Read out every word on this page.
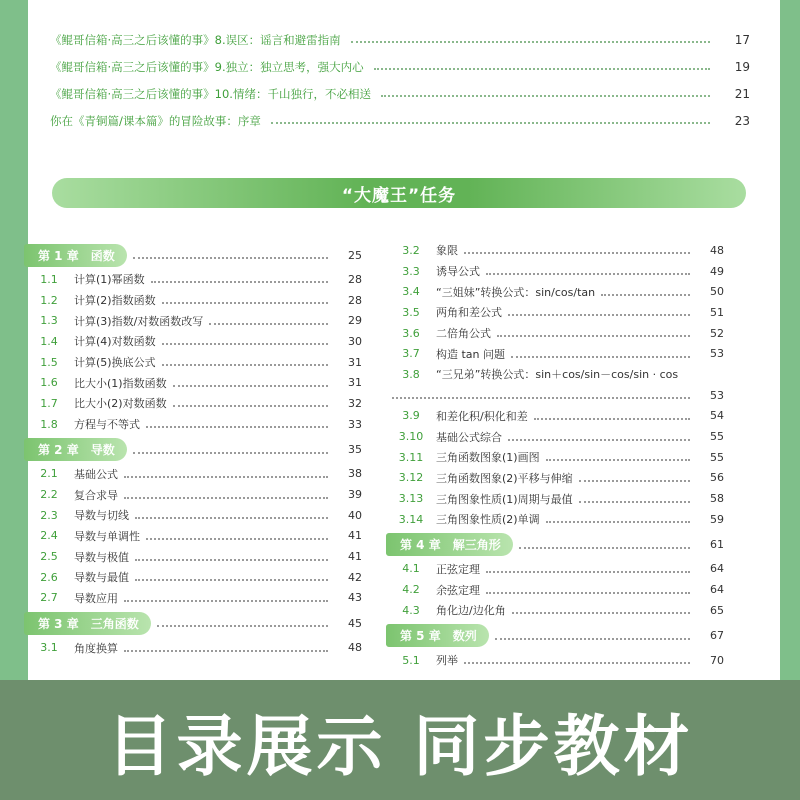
《鲲哥信箱·高三之后该懂的事》8.误区：谣言和避雷指南	17
《鲲哥信箱·高三之后该懂的事》9.独立：独立思考，强大内心	19
《鲲哥信箱·高三之后该懂的事》10.情绪：千山独行，不必相送	21
你在《青铜篇/课本篇》的冒险故事：序章	23
“大魔王”任务
第 1 章　函数	25
1.1	计算(1)幂函数	28
1.2	计算(2)指数函数	28
1.3	计算(3)指数/对数函数改写	29
1.4	计算(4)对数函数	30
1.5	计算(5)换底公式	31
1.6	比大小(1)指数函数	31
1.7	比大小(2)对数函数	32
1.8	方程与不等式	33
第 2 章　导数	35
2.1	基础公式	38
2.2	复合求导	39
2.3	导数与切线	40
2.4	导数与单调性	41
2.5	导数与极值	41
2.6	导数与最值	42
2.7	导数应用	43
第 3 章　三角函数	45
3.1	角度换算	48
3.2	象限	48
3.3	诱导公式	49
3.4	“三姐妹”转换公式：sin/cos/tan	50
3.5	两角和差公式	51
3.6	二倍角公式	52
3.7	构造 tan 问题	53
3.8	“三兄弟”转换公式：sin＋cos/sin－cos/sin · cos
53
3.9	和差化积/积化和差	54
3.10	基础公式综合	55
3.11	三角函数图象(1)画图	55
3.12	三角函数图象(2)平移与伸缩	56
3.13	三角图象性质(1)周期与最值	58
3.14	三角图象性质(2)单调	59
第 4 章　解三角形	61
4.1	正弦定理	64
4.2	余弦定理	64
4.3	角化边/边化角	65
第 5 章　数列	67
5.1	列举	70
目录展示 同步教材
